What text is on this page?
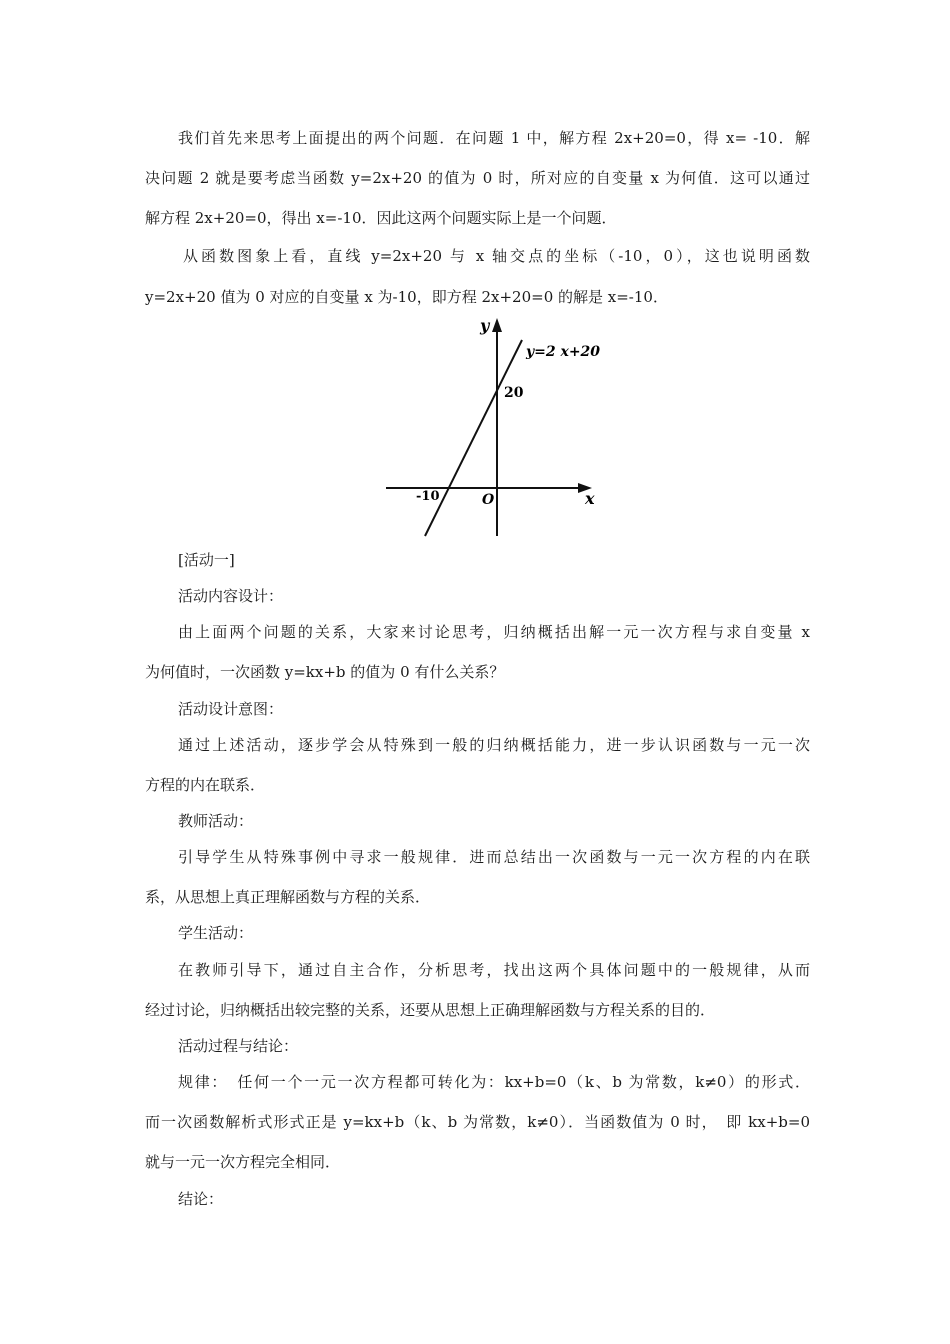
我们首先来思考上面提出的两个问题．在问题 1 中，解方程 2x+20=0，得 x= -10．解

决问题 2 就是要考虑当函数 y=2x+20 的值为 0 时，所对应的自变量 x 为何值．这可以通过

解方程 2x+20=0，得出 x=-10．因此这两个问题实际上是一个问题．

从函数图象上看，直线 y=2x+20 与 x 轴交点的坐标（-10，0），这也说明函数

y=2x+20 值为 0 对应的自变量 x 为-10，即方程 2x+20=0 的解是 x=-10．

y
x
O
20
-10
y=2 x+20

[活动一]

活动内容设计：

由上面两个问题的关系，大家来讨论思考，归纳概括出解一元一次方程与求自变量 x

为何值时，一次函数 y=kx+b 的值为 0 有什么关系？

活动设计意图：

通过上述活动，逐步学会从特殊到一般的归纳概括能力，进一步认识函数与一元一次

方程的内在联系．

教师活动：

引导学生从特殊事例中寻求一般规律．进而总结出一次函数与一元一次方程的内在联

系，从思想上真正理解函数与方程的关系．

学生活动：

在教师引导下，通过自主合作，分析思考，找出这两个具体问题中的一般规律，从而

经过讨论，归纳概括出较完整的关系，还要从思想上正确理解函数与方程关系的目的．

活动过程与结论：

规律：　任何一个一元一次方程都可转化为：kx+b=0（k、b 为常数，k≠0）的形式．

而一次函数解析式形式正是 y=kx+b（k、b 为常数，k≠0）．当函数值为 0 时，　即 kx+b=0

就与一元一次方程完全相同．

结论：
